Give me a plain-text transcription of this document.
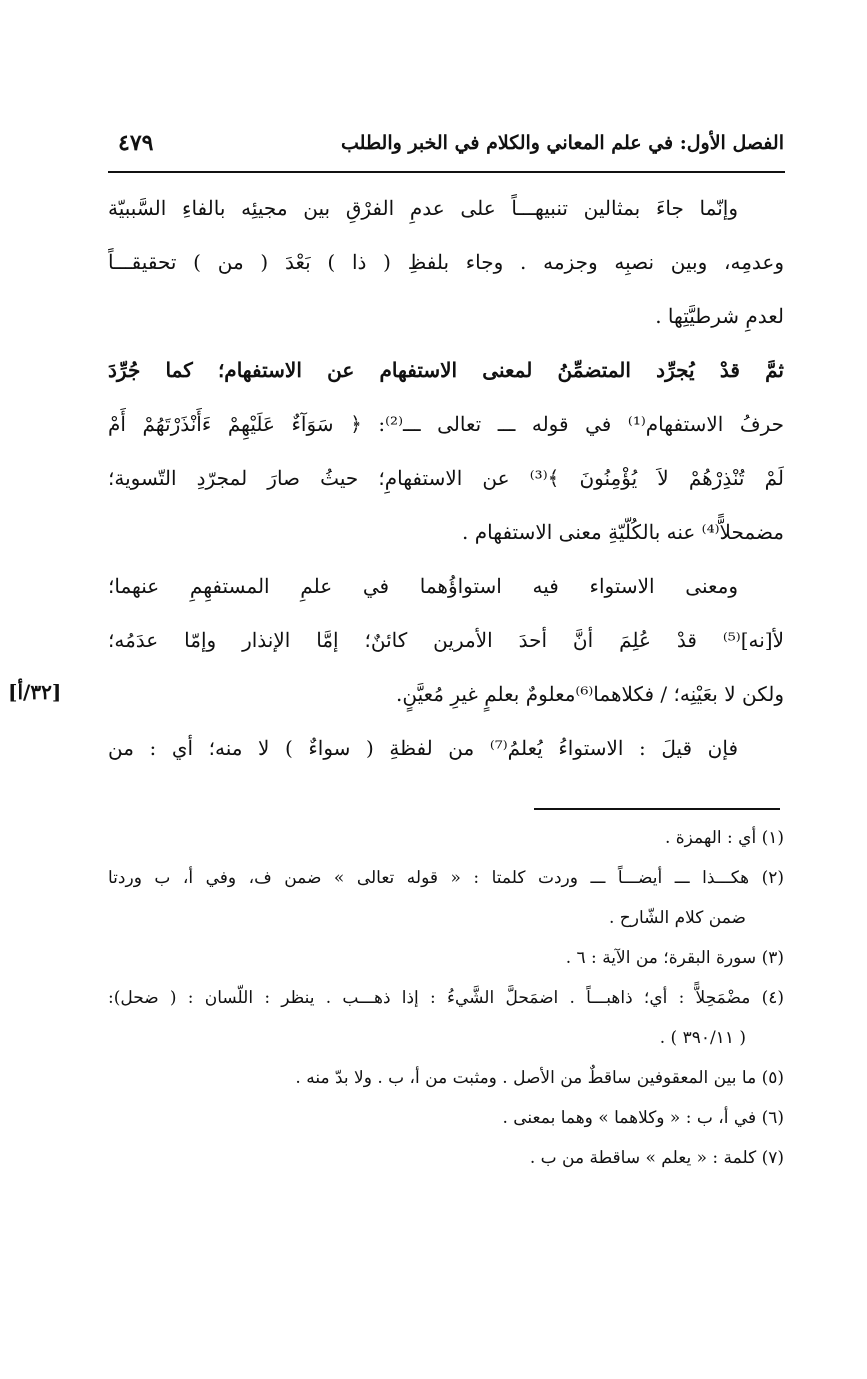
الفصل الأول: في علم المعاني والكلام في الخبر والطلب
٤٧٩
وإنّما جاءَ بمثالين تنبيهـــاً على عدمِ الفرْقِ بين مجيئِه بالفاءِ السَّببيّة
وعدمِه، وبين نصبِه وجزمه . وجاء بلفظِ ( ذا ) بَعْدَ ( من ) تحقيقـــاً
لعدمِ شرطيَّتِها .
ثمَّ قدْ يُجرِّد المتضمِّنُ لمعنى الاستفهام عن الاستفهام؛ كما جُرِّدَ
حرفُ الاستفهام⁽¹⁾ في قوله ـــ تعالى ـــ⁽²⁾: ﴿ سَوَآءٌ عَلَيْهِمْ ءَأَنْذَرْتَهُمْ أَمْ
لَمْ تُنْذِرْهُمْ لاَ يُؤْمِنُونَ ﴾⁽³⁾ عن الاستفهامِ؛ حيثُ صارَ لمجرّدِ التّسوية؛
مضمحلاًّ⁽⁴⁾ عنه بالكُلّيّةِ معنى الاستفهام .
ومعنى الاستواء فيه استواؤُهما في علمِ المستفهِمِ عنهما؛
لأ[نه]⁽⁵⁾ قدْ عُلِمَ أنَّ أحدَ الأمرين كائنٌ؛ إمَّا الإنذار وإمّا عدَمُه؛
ولكن لا بعَيْنِه؛ / فكلاهما⁽⁶⁾معلومٌ بعلمٍ غيرِ مُعيَّنٍ.
فإن قيلَ : الاستواءُ يُعلمُ⁽⁷⁾ من لفظةِ ( سواءٌ ) لا منه؛ أي : من
[٣٢/أ]
(١) أي : الهمزة .
(٢) هكـــذا ـــ أيضـــاً ـــ وردت كلمتا : « قوله تعالى » ضمن ف، وفي أ، ب وردتا
ضمن كلام الشّارح .
(٣) سورة البقرة؛ من الآية : ٦ .
(٤) مضْمَحِلاًّ : أي؛ ذاهبـــاً . اضمَحلَّ الشَّيءُ : إذا ذهـــب . ينظر : اللّسان : ( ضحل):
( ٣٩٠/١١ ) .
(٥) ما بين المعقوفين ساقطٌ من الأصل . ومثبت من أ، ب . ولا بدّ منه .
(٦) في أ، ب : « وكلاهما » وهما بمعنى .
(٧) كلمة : « يعلم » ساقطة من ب .
